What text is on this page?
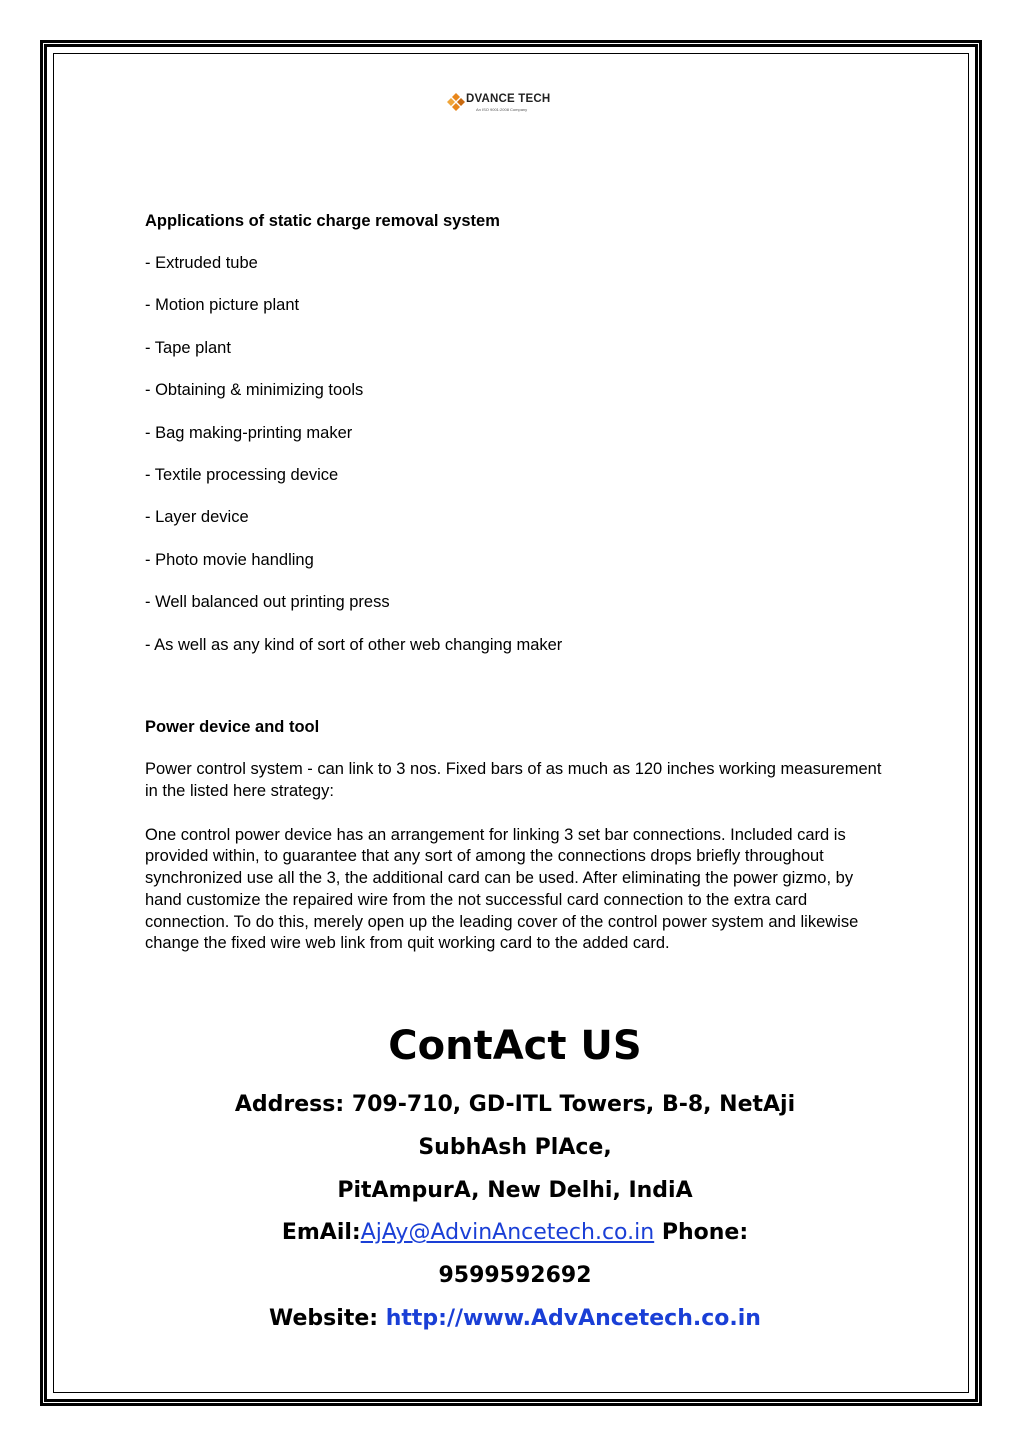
DVANCE TECH
An ISO 9001:2008 Company
Applications of static charge removal system
- Extruded tube
- Motion picture plant
- Tape plant
- Obtaining & minimizing tools
- Bag making-printing maker
- Textile processing device
- Layer device
- Photo movie handling
- Well balanced out printing press
- As well as any kind of sort of other web changing maker
Power device and tool
Power control system - can link to 3 nos. Fixed bars of as much as 120 inches working measurement in the listed here strategy:
One control power device has an arrangement for linking 3 set bar connections. Included card is provided within, to guarantee that any sort of among the connections drops briefly throughout synchronized use all the 3, the additional card can be used. After eliminating the power gizmo, by hand customize the repaired wire from the not successful card connection to the extra card connection. To do this, merely open up the leading cover of the control power system and likewise change the fixed wire web link from quit working card to the added card.
ContAct US
Address: 709-710, GD-ITL Towers, B-8, NetAji
SubhAsh PlAce,
PitAmpurA, New Delhi, IndiA
EmAil:AjAy@AdvinAncetech.co.in Phone:
9599592692
Website: http://www.AdvAncetech.co.in
